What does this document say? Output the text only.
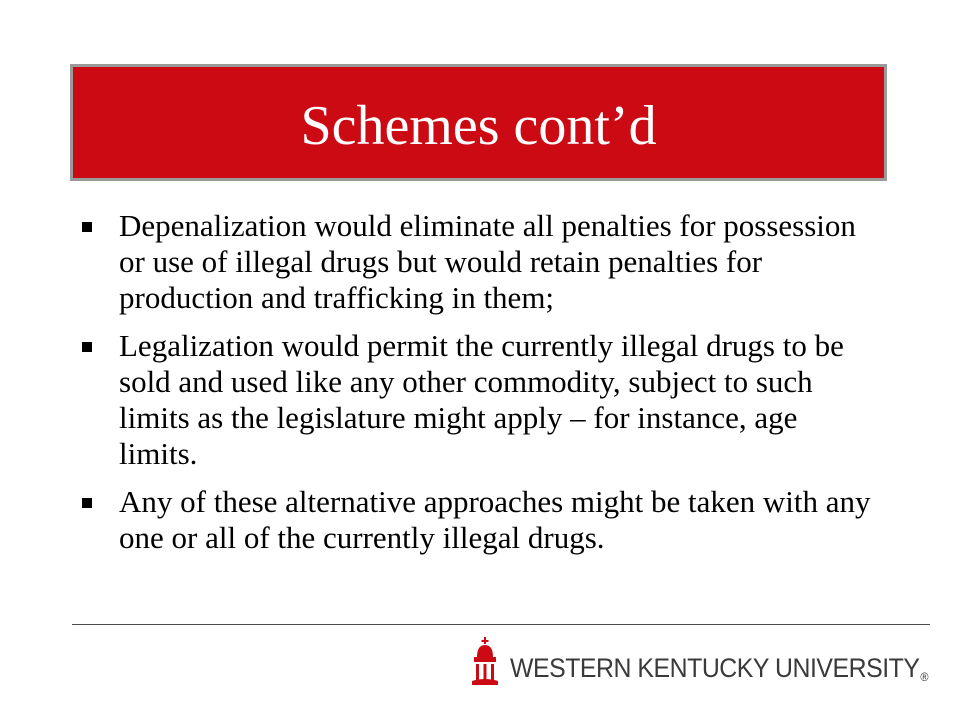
Schemes cont’d
Depenalization would eliminate all penalties for possession or use of illegal drugs but would retain penalties for production and trafficking in them;
Legalization would permit the currently illegal drugs to be sold and used like any other commodity, subject to such limits as the legislature might apply – for instance, age limits.
Any of these alternative approaches might be taken with any one or all of the currently illegal drugs.
WESTERN KENTUCKY UNIVERSITY®
